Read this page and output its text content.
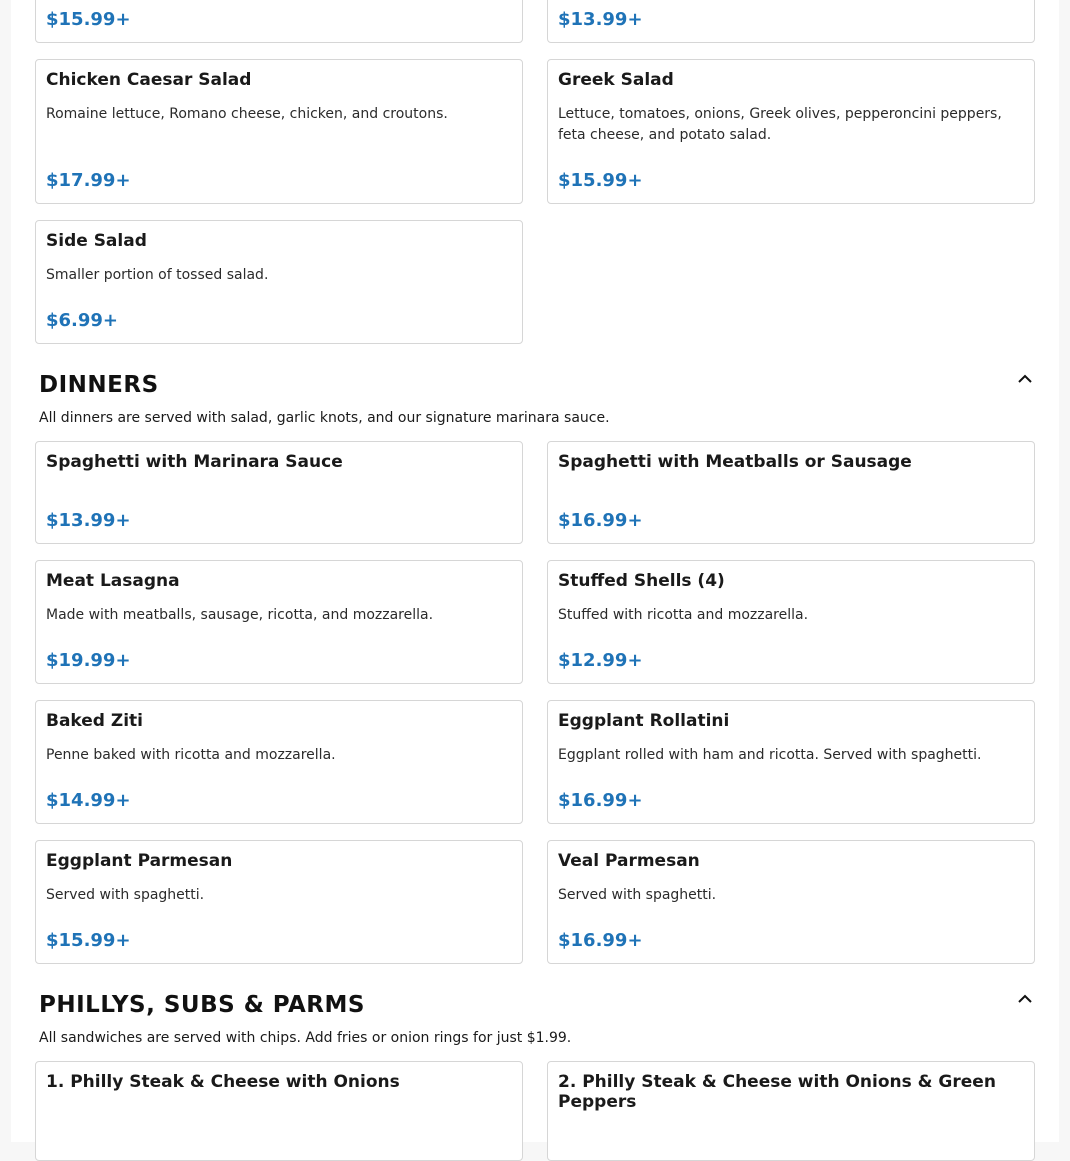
$15.99+	$13.99+
Chicken Caesar Salad
Romaine lettuce, Romano cheese, chicken, and croutons.
$17.99+
Greek Salad
Lettuce, tomatoes, onions, Greek olives, pepperoncini peppers, feta cheese, and potato salad.
$15.99+
Side Salad
Smaller portion of tossed salad.
$6.99+
DINNERS
All dinners are served with salad, garlic knots, and our signature marinara sauce.
Spaghetti with Marinara Sauce
$13.99+
Spaghetti with Meatballs or Sausage
$16.99+
Meat Lasagna
Made with meatballs, sausage, ricotta, and mozzarella.
$19.99+
Stuffed Shells (4)
Stuffed with ricotta and mozzarella.
$12.99+
Baked Ziti
Penne baked with ricotta and mozzarella.
$14.99+
Eggplant Rollatini
Eggplant rolled with ham and ricotta. Served with spaghetti.
$16.99+
Eggplant Parmesan
Served with spaghetti.
$15.99+
Veal Parmesan
Served with spaghetti.
$16.99+
PHILLYS, SUBS & PARMS
All sandwiches are served with chips. Add fries or onion rings for just $1.99.
1. Philly Steak & Cheese with Onions	2. Philly Steak & Cheese with Onions & Green Peppers
